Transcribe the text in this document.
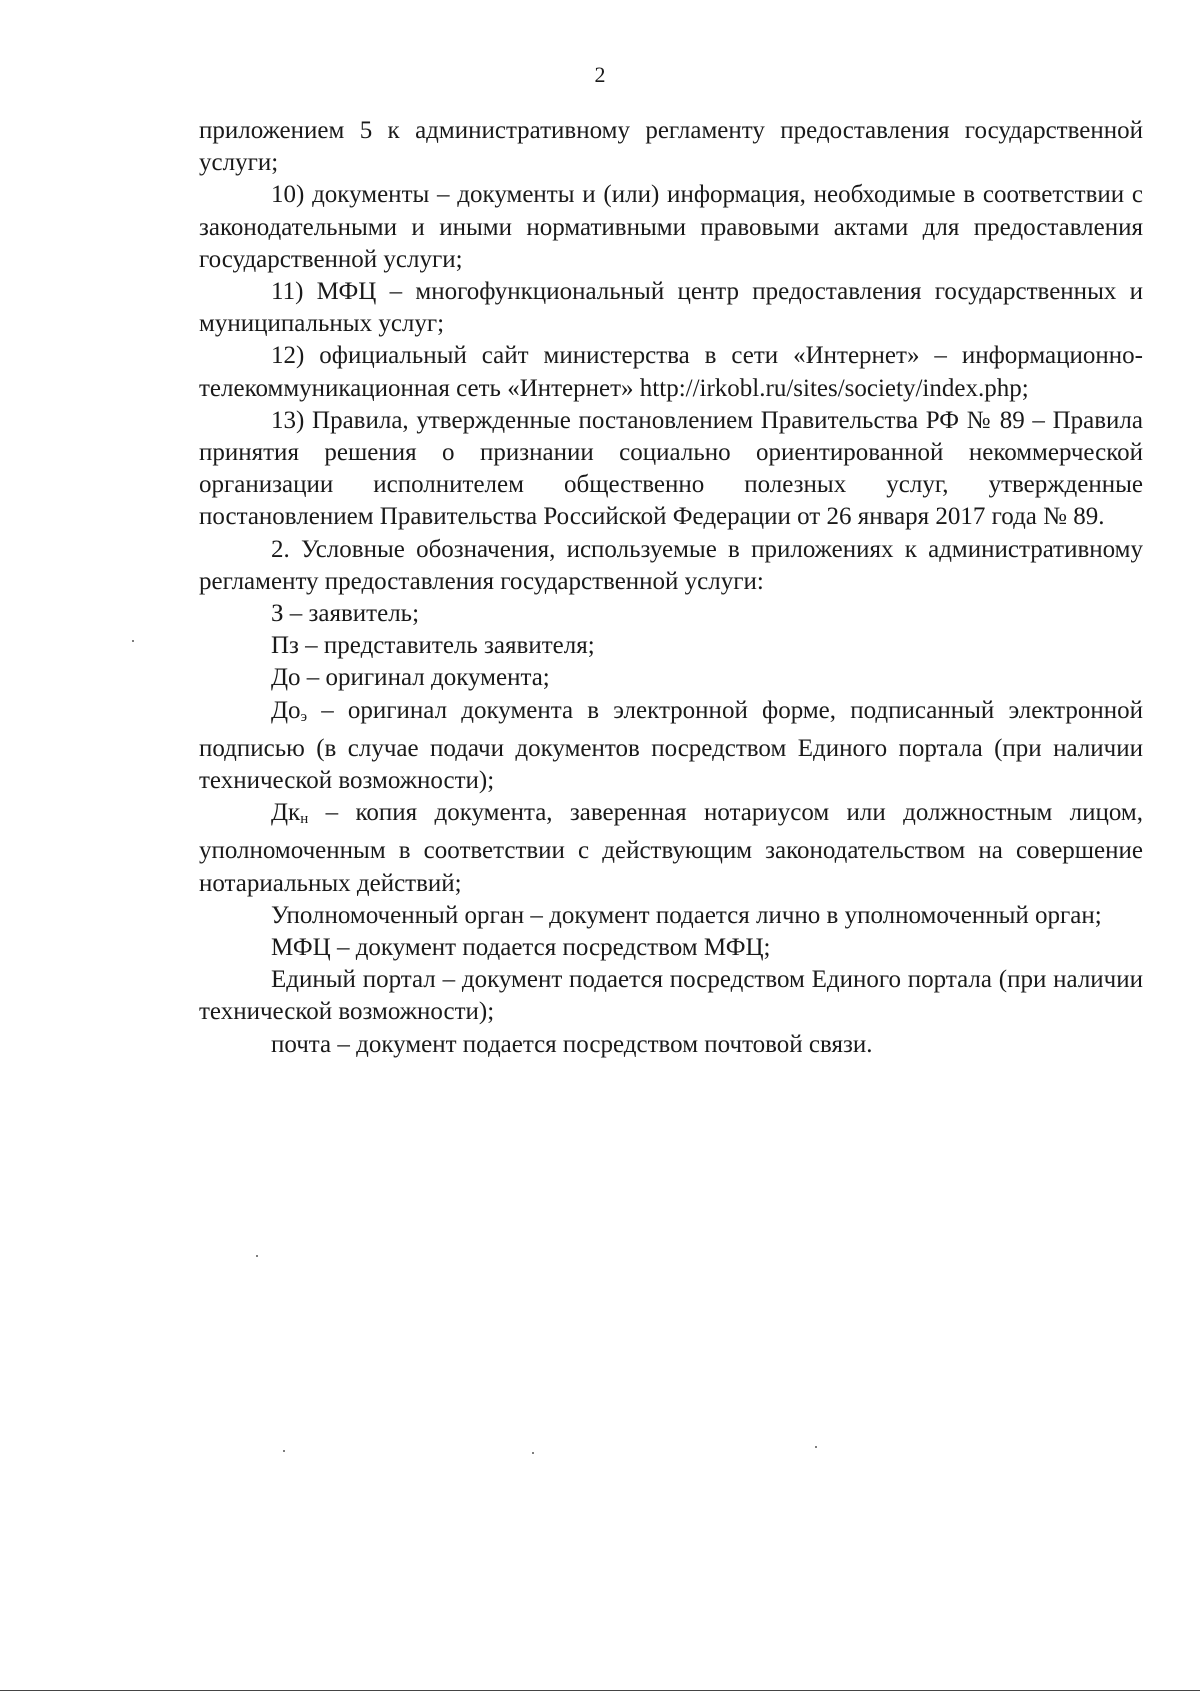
2

приложением 5 к административному регламенту предоставления государственной услуги;

10) документы – документы и (или) информация, необходимые в соответствии с законодательными и иными нормативными правовыми актами для предоставления государственной услуги;

11) МФЦ – многофункциональный центр предоставления государственных и муниципальных услуг;

12) официальный сайт министерства в сети «Интернет» – информационно-телекоммуникационная сеть «Интернет» http://irkobl.ru/sites/society/index.php;

13) Правила, утвержденные постановлением Правительства РФ № 89 – Правила принятия решения о признании социально ориентированной некоммерческой организации исполнителем общественно полезных услуг, утвержденные постановлением Правительства Российской Федерации от 26 января 2017 года № 89.

2. Условные обозначения, используемые в приложениях к административному регламенту предоставления государственной услуги:

З – заявитель;

Пз – представитель заявителя;

До – оригинал документа;

$До_э$ – оригинал документа в электронной форме, подписанный электронной подписью (в случае подачи документов посредством Единого портала (при наличии технической возможности);

$Дк_н$ – копия документа, заверенная нотариусом или должностным лицом, уполномоченным в соответствии с действующим законодательством на совершение нотариальных действий;

Уполномоченный орган – документ подается лично в уполномоченный орган;

МФЦ – документ подается посредством МФЦ;

Единый портал – документ подается посредством Единого портала (при наличии технической возможности);

почта – документ подается посредством почтовой связи.
